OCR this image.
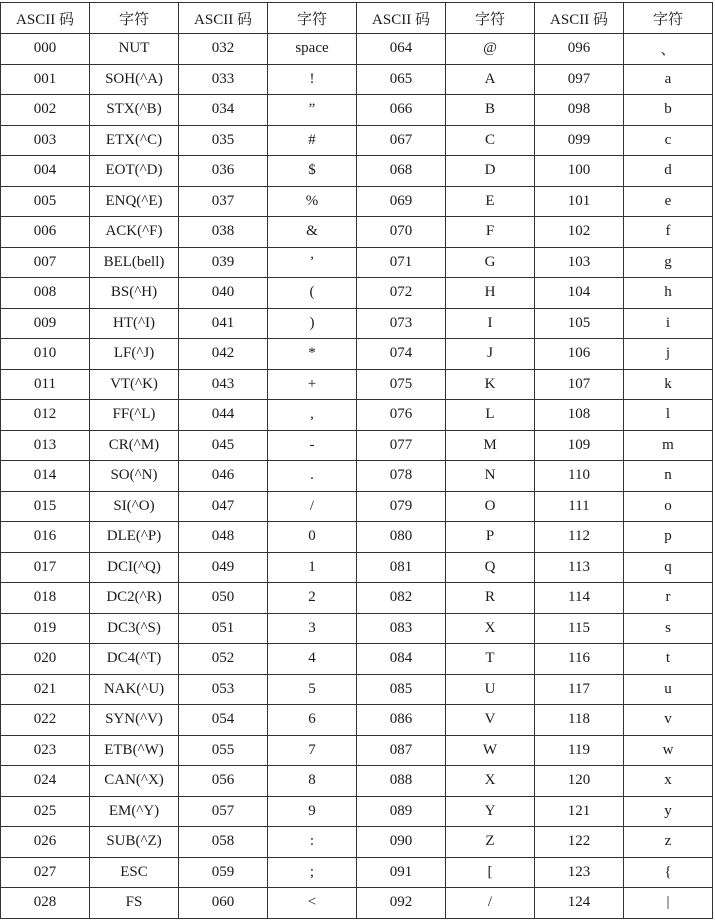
ASCII 码	字符	ASCII 码	字符	ASCII 码	字符	ASCII 码	字符
000	NUT	032	space	064	@	096	、
001	SOH(^A)	033	!	065	A	097	a
002	STX(^B)	034	”	066	B	098	b
003	ETX(^C)	035	#	067	C	099	c
004	EOT(^D)	036	$	068	D	100	d
005	ENQ(^E)	037	%	069	E	101	e
006	ACK(^F)	038	&	070	F	102	f
007	BEL(bell)	039	’	071	G	103	g
008	BS(^H)	040	(	072	H	104	h
009	HT(^I)	041	)	073	I	105	i
010	LF(^J)	042	*	074	J	106	j
011	VT(^K)	043	+	075	K	107	k
012	FF(^L)	044	,	076	L	108	l
013	CR(^M)	045	-	077	M	109	m
014	SO(^N)	046	.	078	N	110	n
015	SI(^O)	047	/	079	O	111	o
016	DLE(^P)	048	0	080	P	112	p
017	DCI(^Q)	049	1	081	Q	113	q
018	DC2(^R)	050	2	082	R	114	r
019	DC3(^S)	051	3	083	X	115	s
020	DC4(^T)	052	4	084	T	116	t
021	NAK(^U)	053	5	085	U	117	u
022	SYN(^V)	054	6	086	V	118	v
023	ETB(^W)	055	7	087	W	119	w
024	CAN(^X)	056	8	088	X	120	x
025	EM(^Y)	057	9	089	Y	121	y
026	SUB(^Z)	058	:	090	Z	122	z
027	ESC	059	;	091	[	123	{
028	FS	060	<	092	/	124	|
